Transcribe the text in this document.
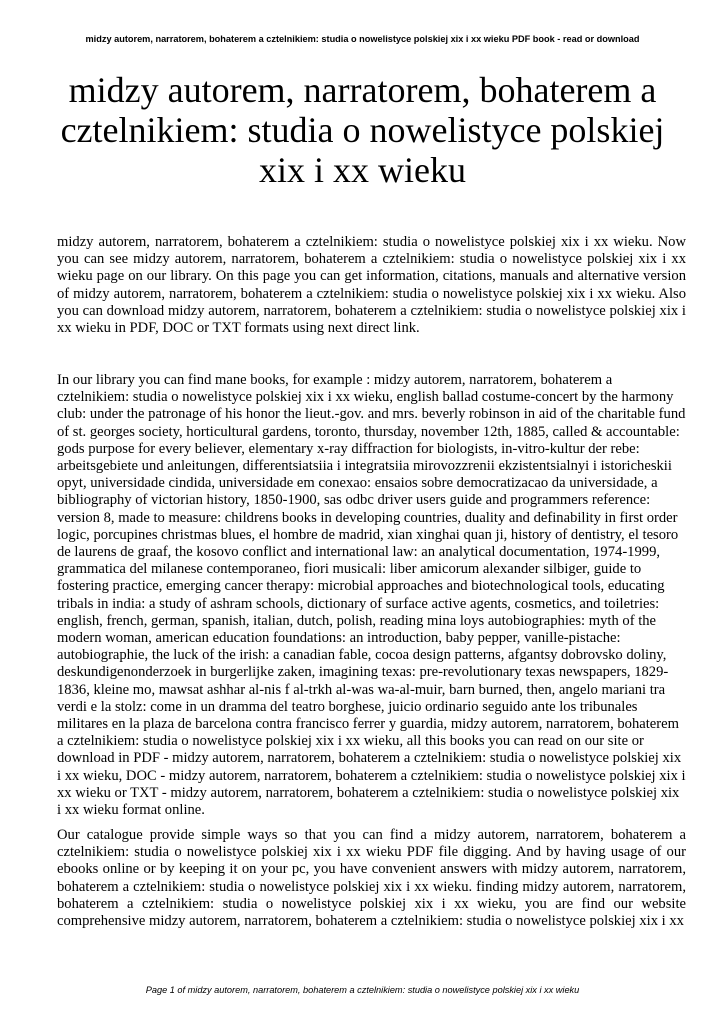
midzy autorem, narratorem, bohaterem a cztelnikiem: studia o nowelistyce polskiej xix i xx wieku PDF book - read or download
midzy autorem, narratorem, bohaterem a cztelnikiem: studia o nowelistyce polskiej xix i xx wieku

midzy autorem, narratorem, bohaterem a cztelnikiem: studia o nowelistyce polskiej xix i xx wieku. Now you can see midzy autorem, narratorem, bohaterem a cztelnikiem: studia o nowelistyce polskiej xix i xx wieku page on our library. On this page you can get information, citations, manuals and alternative version of midzy autorem, narratorem, bohaterem a cztelnikiem: studia o nowelistyce polskiej xix i xx wieku. Also you can download midzy autorem, narratorem, bohaterem a cztelnikiem: studia o nowelistyce polskiej xix i xx wieku in PDF, DOC or TXT formats using next direct link.

In our library you can find mane books, for example : midzy autorem, narratorem, bohaterem a cztelnikiem: studia o nowelistyce polskiej xix i xx wieku, english ballad costume-concert by the harmony club: under the patronage of his honor the lieut.-gov. and mrs. beverly robinson in aid of the charitable fund of st. georges society, horticultural gardens, toronto, thursday, november 12th, 1885, called & accountable: gods purpose for every believer, elementary x-ray diffraction for biologists, in-vitro-kultur der rebe: arbeitsgebiete und anleitungen, differentsiatsiia i integratsiia mirovozzrenii ekzistentsialnyi i istoricheskii opyt, universidade cindida, universidade em conexao: ensaios sobre democratizacao da universidade, a bibliography of victorian history, 1850-1900, sas odbc driver users guide and programmers reference: version 8, made to measure: childrens books in developing countries, duality and definability in first order logic, porcupines christmas blues, el hombre de madrid, xian xinghai quan ji, history of dentistry, el tesoro de laurens de graaf, the kosovo conflict and international law: an analytical documentation, 1974-1999, grammatica del milanese contemporaneo, fiori musicali: liber amicorum alexander silbiger, guide to fostering practice, emerging cancer therapy: microbial approaches and biotechnological tools, educating tribals in india: a study of ashram schools, dictionary of surface active agents, cosmetics, and toiletries: english, french, german, spanish, italian, dutch, polish, reading mina loys autobiographies: myth of the modern woman, american education foundations: an introduction, baby pepper, vanille-pistache: autobiographie, the luck of the irish: a canadian fable, cocoa design patterns, afgantsy dobrovsko doliny, deskundigenonderzoek in burgerlijke zaken, imagining texas: pre-revolutionary texas newspapers, 1829-1836, kleine mo, mawsat ashhar al-nis f al-trkh al-was wa-al-muir, barn burned, then, angelo mariani tra verdi e la stolz: come in un dramma del teatro borghese, juicio ordinario seguido ante los tribunales militares en la plaza de barcelona contra francisco ferrer y guardia, midzy autorem, narratorem, bohaterem a cztelnikiem: studia o nowelistyce polskiej xix i xx wieku, all this books you can read on our site or download in PDF - midzy autorem, narratorem, bohaterem a cztelnikiem: studia o nowelistyce polskiej xix i xx wieku, DOC - midzy autorem, narratorem, bohaterem a cztelnikiem: studia o nowelistyce polskiej xix i xx wieku or TXT - midzy autorem, narratorem, bohaterem a cztelnikiem: studia o nowelistyce polskiej xix i xx wieku format online.

Our catalogue provide simple ways so that you can find a midzy autorem, narratorem, bohaterem a cztelnikiem: studia o nowelistyce polskiej xix i xx wieku PDF file digging. And by having usage of our ebooks online or by keeping it on your pc, you have convenient answers with midzy autorem, narratorem, bohaterem a cztelnikiem: studia o nowelistyce polskiej xix i xx wieku. finding midzy autorem, narratorem, bohaterem a cztelnikiem: studia o nowelistyce polskiej xix i xx wieku, you are find our website comprehensive midzy autorem, narratorem, bohaterem a cztelnikiem: studia o nowelistyce polskiej xix i xx

Page 1 of midzy autorem, narratorem, bohaterem a cztelnikiem: studia o nowelistyce polskiej xix i xx wieku
